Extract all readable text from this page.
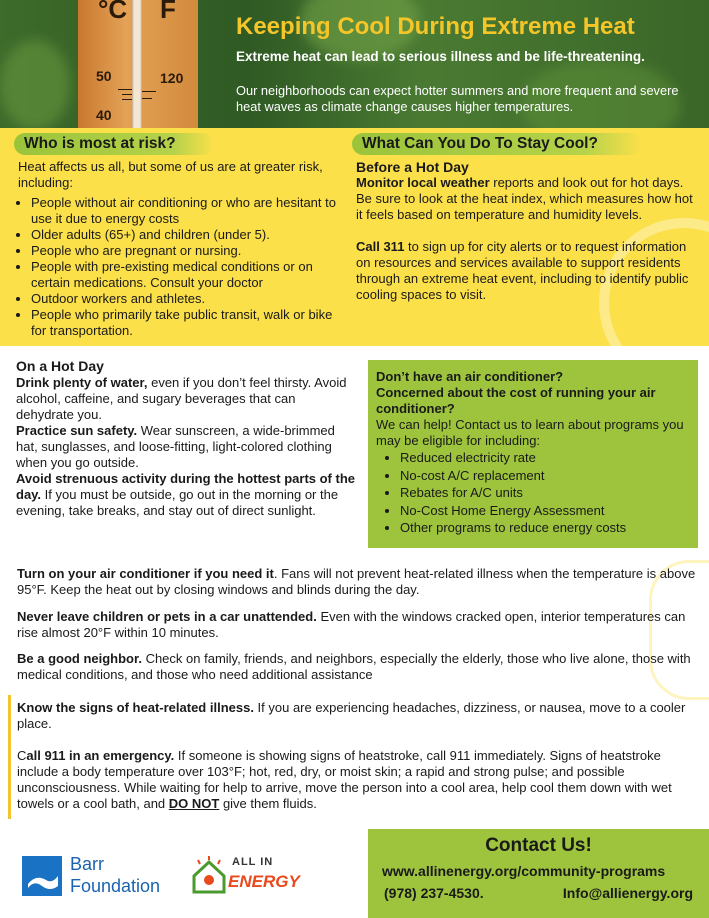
°C F
50	120
40
Keeping Cool During Extreme Heat
Extreme heat can lead to serious illness and be life-threatening.
Our neighborhoods can expect hotter summers and more frequent and severe heat waves as climate change causes higher temperatures.
Who is most at risk?	What Can You Do To Stay Cool?

Heat affects us all, but some of us are at greater risk, including:

• People without air conditioning or who are hesitant to use it due to energy costs
• Older adults (65+) and children (under 5).
• People who are pregnant or nursing.
• People with pre-existing medical conditions or on certain medications. Consult your doctor
• Outdoor workers and athletes.
• People who primarily take public transit, walk or bike for transportation.
Before a Hot Day

Monitor local weather reports and look out for hot days. Be sure to look at the heat index, which measures how hot it feels based on temperature and humidity levels.

Call 311 to sign up for city alerts or to request information on resources and services available to support residents through an extreme heat event, including to identify public cooling spaces to visit.

On a Hot Day

Drink plenty of water, even if you don’t feel thirsty. Avoid alcohol, caffeine, and sugary beverages that can dehydrate you.

Practice sun safety. Wear sunscreen, a wide-brimmed hat, sunglasses, and loose-fitting, light-colored clothing when you go outside.

Avoid strenuous activity during the hottest parts of the day. If you must be outside, go out in the morning or the evening, take breaks, and stay out of direct sunlight.

Don’t have an air conditioner?

Concerned about the cost of running your air conditioner?

We can help! Contact us to learn about programs you may be eligible for including:

• Reduced electricity rate
• No-cost A/C replacement
• Rebates for A/C units
• No-Cost Home Energy Assessment
• Other programs to reduce energy costs

Turn on your air conditioner if you need it. Fans will not prevent heat-related illness when the temperature is above 95°F. Keep the heat out by closing windows and blinds during the day.

Never leave children or pets in a car unattended. Even with the windows cracked open, interior temperatures can rise almost 20°F within 10 minutes.

Be a good neighbor. Check on family, friends, and neighbors, especially the elderly, those who live alone, those with medical conditions, and those who need additional assistance

Know the signs of heat-related illness. If you are experiencing headaches, dizziness, or nausea, move to a cooler place.

Call 911 in an emergency. If someone is showing signs of heatstroke, call 911 immediately. Signs of heatstroke include a body temperature over 103°F; hot, red, dry, or moist skin; a rapid and strong pulse; and possible unconsciousness. While waiting for help to arrive, move the person into a cool area, help cool them down with wet towels or a cool bath, and DO NOT give them fluids.

Barr
Foundation
ALL IN
ENERGY
Contact Us!
www.allinenergy.org/community-programs
(978) 237-4530.	Info@allienergy.org
